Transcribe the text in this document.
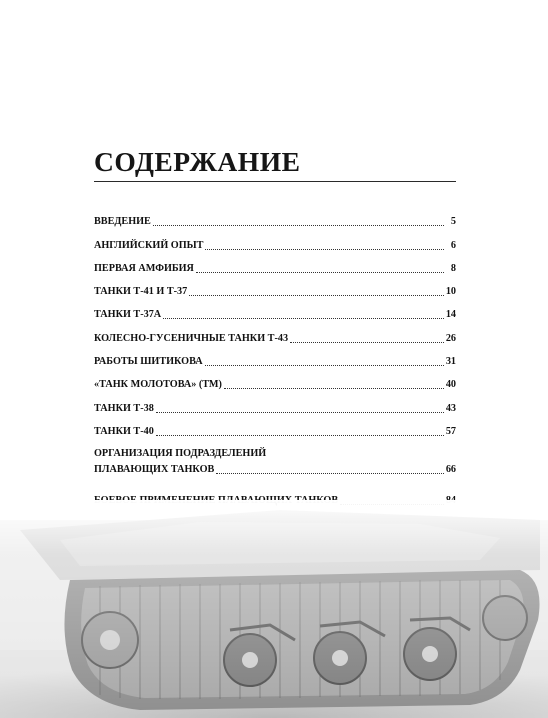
СОДЕРЖАНИЕ
ВВЕДЕНИЕ	5
АНГЛИЙСКИЙ ОПЫТ	6
ПЕРВАЯ АМФИБИЯ	8
ТАНКИ Т-41 И Т-37	10
ТАНКИ Т-37А	14
КОЛЕСНО-ГУСЕНИЧНЫЕ ТАНКИ Т-43	26
РАБОТЫ ШИТИКОВА	31
«ТАНК МОЛОТОВА» (ТМ)	40
ТАНКИ Т-38	43
ТАНКИ Т-40	57
ОРГАНИЗАЦИЯ ПОДРАЗДЕЛЕНИЙ
ПЛАВАЮЩИХ ТАНКОВ	66
